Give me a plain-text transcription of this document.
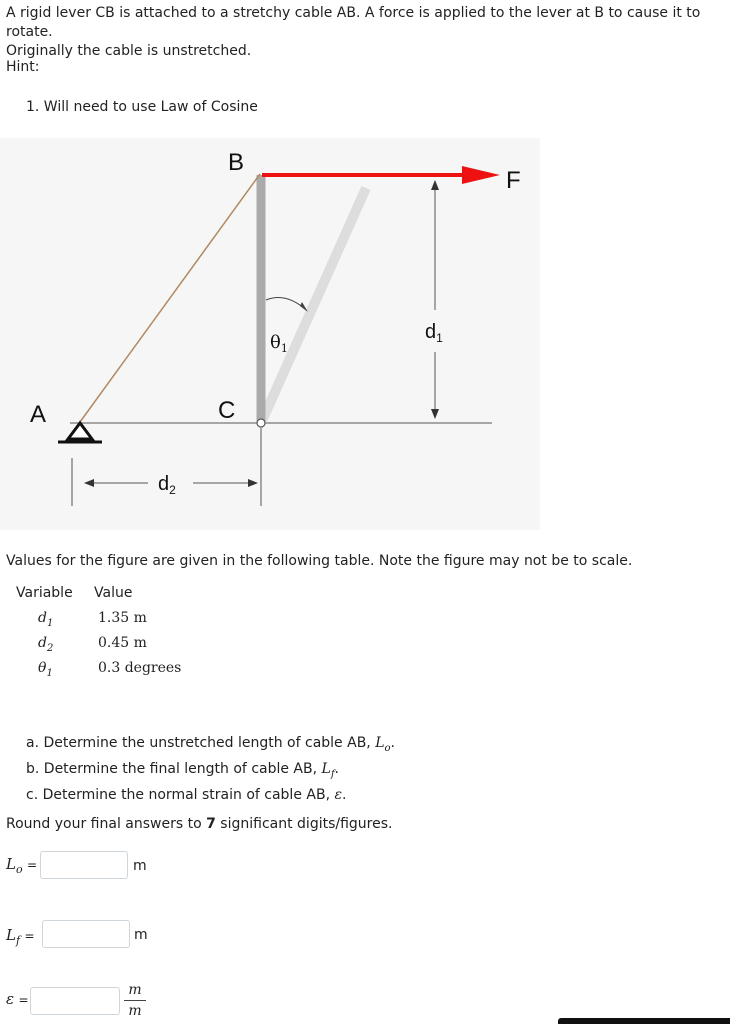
A rigid lever CB is attached to a stretchy cable AB. A force is applied to the lever at B to cause it to rotate.
Originally the cable is unstretched.
Hint:
1. Will need to use Law of Cosine
B
F
A	C
$\theta_1$
$d_1$
$d_2$
Values for the figure are given in the following table. Note the figure may not be to scale.
Variable Value
$d_1$	1.35 m
$d_2$	0.45 m
$\theta_1$	0.3 degrees
a. Determine the unstretched length of cable AB, $L_o$.
b. Determine the final length of cable AB, $L_f$.
c. Determine the normal strain of cable AB, ε.
Round your final answers to 7 significant digits/figures.
$L_o$ =	m
$L_f$ =	m
ε =
m
m
